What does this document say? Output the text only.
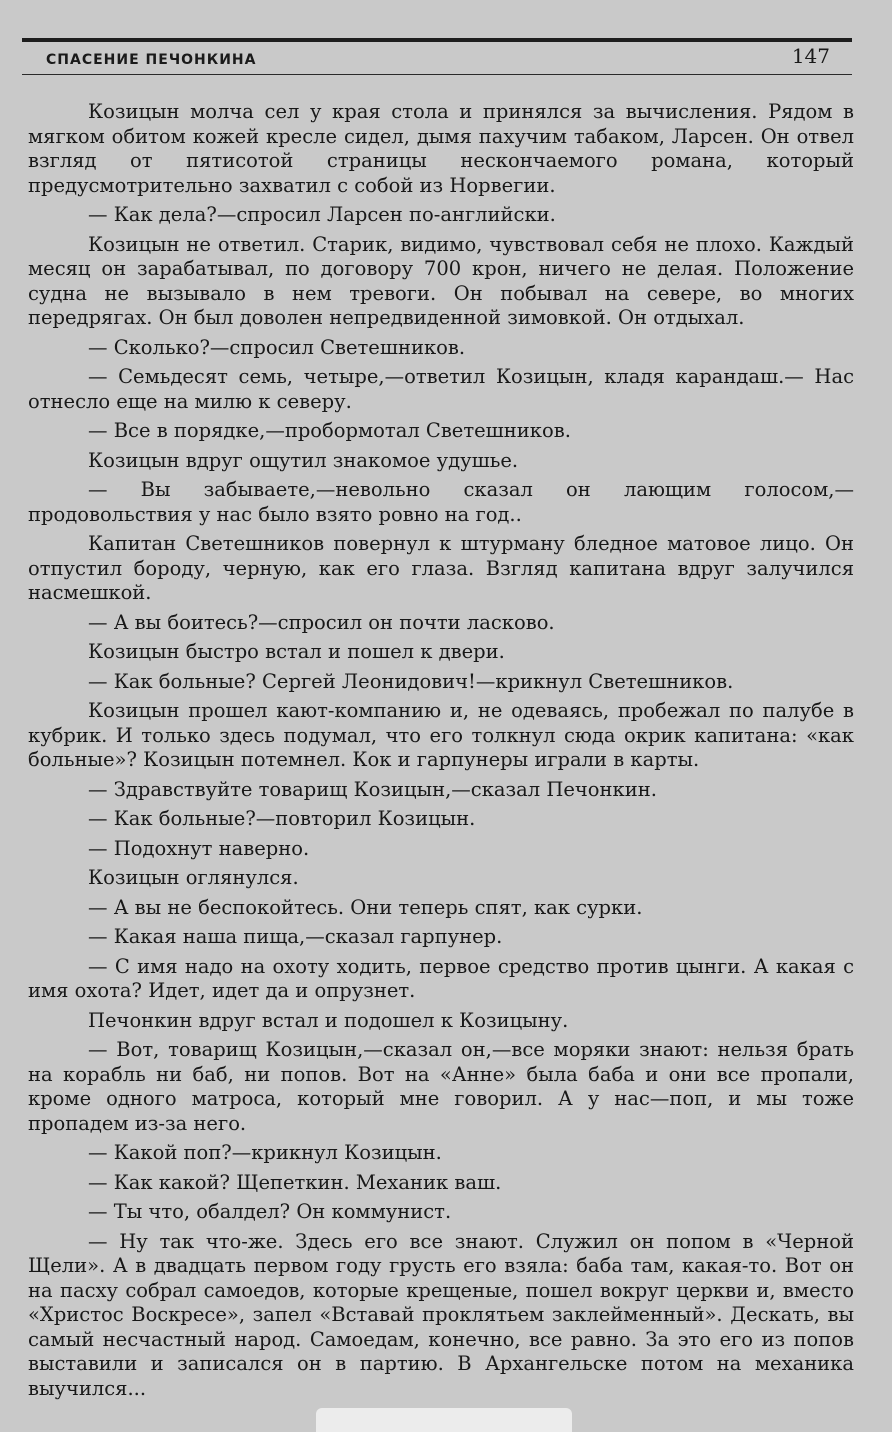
СПАСЕНИЕ ПЕЧОНКИНА	147

Козицын молча сел у края стола и принялся за вычисления. Рядом в мягком обитом кожей кресле сидел, дымя пахучим табаком, Ларсен. Он отвел взгляд от пятисотой страницы нескончаемого романа, который предусмотрительно захватил с собой из Норвегии.

— Как дела?—спросил Ларсен по-английски.

Козицын не ответил. Старик, видимо, чувствовал себя не плохо. Каждый месяц он зарабатывал, по договору 700 крон, ничего не делая. Положение судна не вызывало в нем тревоги. Он побывал на севере, во многих передрягах. Он был доволен непредвиденной зимовкой. Он отдыхал.

— Сколько?—спросил Светешников.

— Семьдесят семь, четыре,—ответил Козицын, кладя карандаш.— Нас отнесло еще на милю к северу.

— Все в порядке,—пробормотал Светешников.

Козицын вдруг ощутил знакомое удушье.

— Вы забываете,—невольно сказал он лающим голосом,—продовольствия у нас было взято ровно на год..

Капитан Светешников повернул к штурману бледное матовое лицо. Он отпустил бороду, черную, как его глаза. Взгляд капитана вдруг залучился насмешкой.

— А вы боитесь?—спросил он почти ласково.

Козицын быстро встал и пошел к двери.

— Как больные? Сергей Леонидович!—крикнул Светешников.

Козицын прошел кают-компанию и, не одеваясь, пробежал по палубе в кубрик. И только здесь подумал, что его толкнул сюда окрик капитана: «как больные»? Козицын потемнел. Кок и гарпунеры играли в карты.

— Здравствуйте товарищ Козицын,—сказал Печонкин.

— Как больные?—повторил Козицын.

— Подохнут наверно.

Козицын оглянулся.

— А вы не беспокойтесь. Они теперь спят, как сурки.

— Какая наша пища,—сказал гарпунер.

— С имя надо на охоту ходить, первое средство против цынги. А какая с имя охота? Идет, идет да и опрузнет.

Печонкин вдруг встал и подошел к Козицыну.

— Вот, товарищ Козицын,—сказал он,—все моряки знают: нельзя брать на корабль ни баб, ни попов. Вот на «Анне» была баба и они все пропали, кроме одного матроса, который мне говорил. А у нас—поп, и мы тоже пропадем из-за него.

— Какой поп?—крикнул Козицын.

— Как какой? Щепеткин. Механик ваш.

— Ты что, обалдел? Он коммунист.

— Ну так что-же. Здесь его все знают. Служил он попом в «Черной Щели». А в двадцать первом году грусть его взяла: баба там, какая-то. Вот он на пасху собрал самоедов, которые крещеные, пошел вокруг церкви и, вместо «Христос Воскресе», запел «Вставай проклятьем заклейменный». Дескать, вы самый несчастный народ. Самоедам, конечно, все равно. За это его из попов выставили и записался он в партию. В Архангельске потом на механика выучился...
